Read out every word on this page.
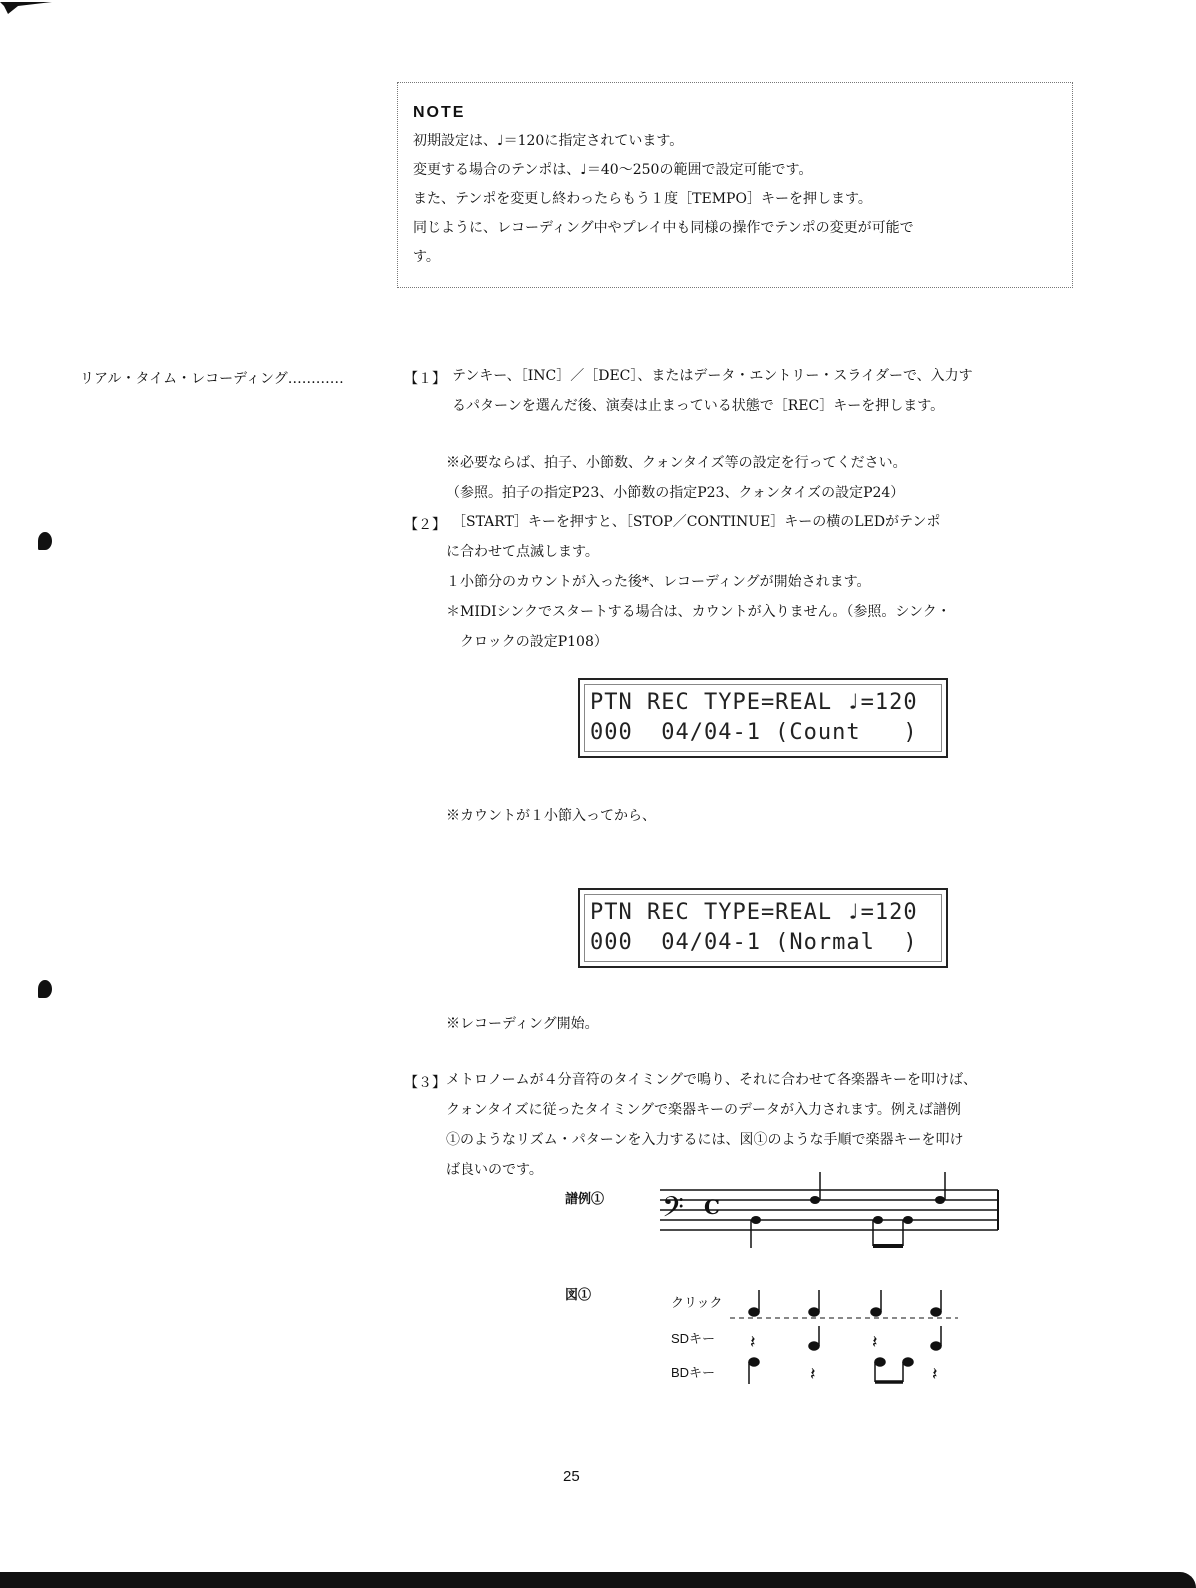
NOTE
初期設定は、♩＝120に指定されています。
変更する場合のテンポは、♩＝40〜250の範囲で設定可能です。
また、テンポを変更し終わったらもう１度［TEMPO］キーを押します。
同じように、レコーディング中やプレイ中も同様の操作でテンポの変更が可能で
す。
リアル・タイム・レコーディング…………	【１】 テンキー、［INC］／［DEC］、またはデータ・エントリー・スライダーで、入力す
るパターンを選んだ後、演奏は止まっている状態で［REC］キーを押します。
※必要ならば、拍子、小節数、クォンタイズ等の設定を行ってください。
（参照。拍子の指定P23、小節数の指定P23、クォンタイズの設定P24）
【２】 ［START］キーを押すと、［STOP／CONTINUE］キーの横のLEDがテンポ
に合わせて点滅します。
１小節分のカウントが入った後*、レコーディングが開始されます。
＊MIDIシンクでスタートする場合は、カウントが入りません。（参照。シンク・
クロックの設定P108）
PTN REC TYPE=REAL ♩=120
000  04/04-1 (Count   )
※カウントが１小節入ってから、
PTN REC TYPE=REAL ♩=120
000  04/04-1 (Normal  )
※レコーディング開始。
【３】 メトロノームが４分音符のタイミングで鳴り、それに合わせて各楽器キーを叩けば、
クォンタイズに従ったタイミングで楽器キーのデータが入力されます。例えば譜例
①のようなリズム・パターンを入力するには、図①のような手順で楽器キーを叩け
ば良いのです。
譜例① 𝄢 C
図①
クリック
SDキー
BDキー
𝄽	𝄽
𝄽	𝄽
25
